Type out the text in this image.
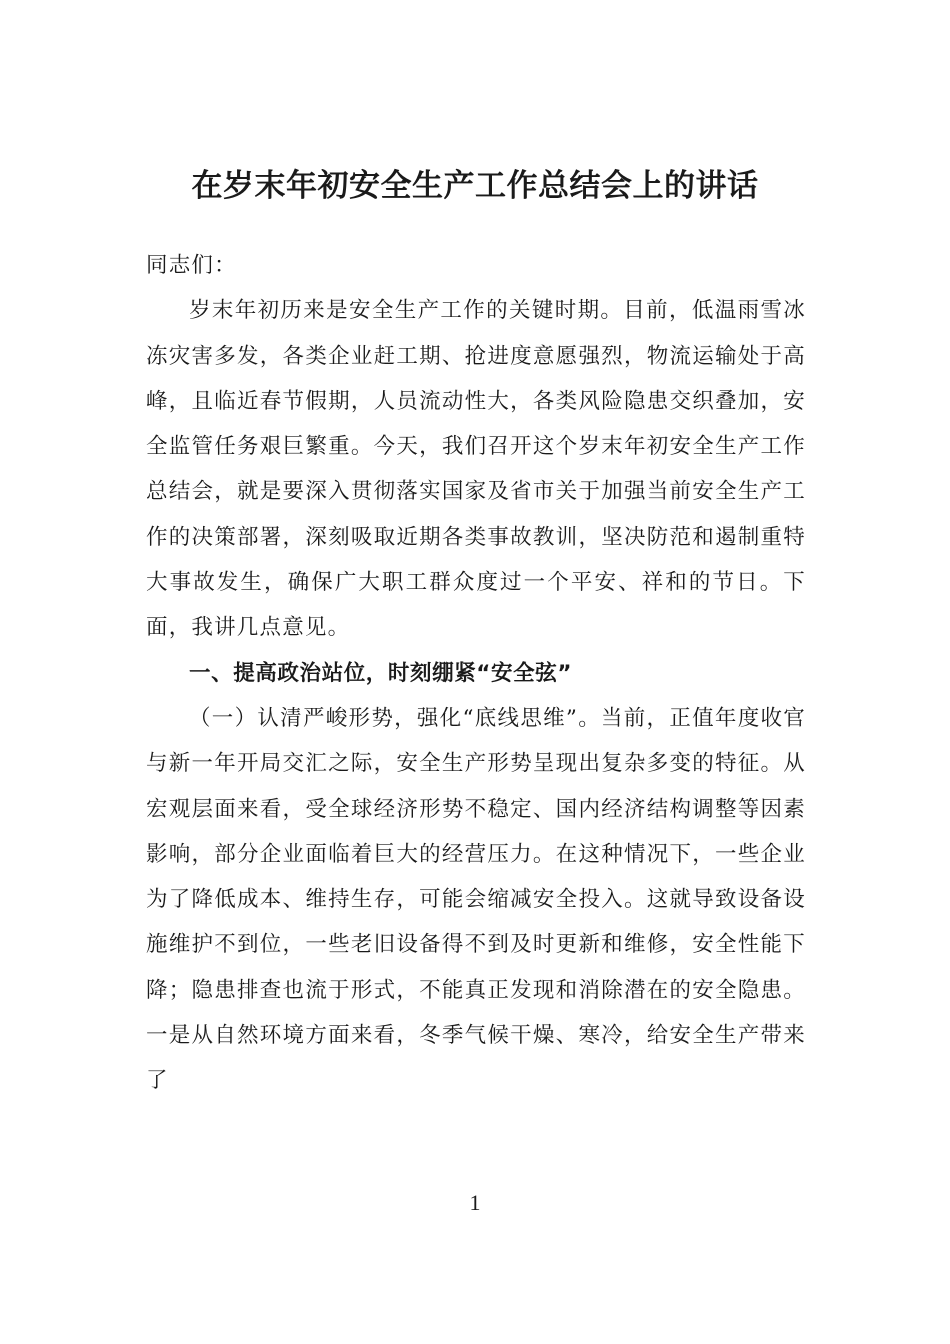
在岁末年初安全生产工作总结会上的讲话

同志们：

岁末年初历来是安全生产工作的关键时期。目前，低温雨雪冰冻灾害多发，各类企业赶工期、抢进度意愿强烈，物流运输处于高峰，且临近春节假期，人员流动性大，各类风险隐患交织叠加，安全监管任务艰巨繁重。今天，我们召开这个岁末年初安全生产工作总结会，就是要深入贯彻落实国家及省市关于加强当前安全生产工作的决策部署，深刻吸取近期各类事故教训，坚决防范和遏制重特大事故发生，确保广大职工群众度过一个平安、祥和的节日。下面，我讲几点意见。

一、提高政治站位，时刻绷紧“安全弦”

（一）认清严峻形势，强化“底线思维”。当前，正值年度收官与新一年开局交汇之际，安全生产形势呈现出复杂多变的特征。从宏观层面来看，受全球经济形势不稳定、国内经济结构调整等因素影响，部分企业面临着巨大的经营压力。在这种情况下，一些企业为了降低成本、维持生存，可能会缩减安全投入。这就导致设备设施维护不到位，一些老旧设备得不到及时更新和维修，安全性能下降；隐患排查也流于形式，不能真正发现和消除潜在的安全隐患。一是从自然环境方面来看，冬季气候干燥、寒冷，给安全生产带来了

1
